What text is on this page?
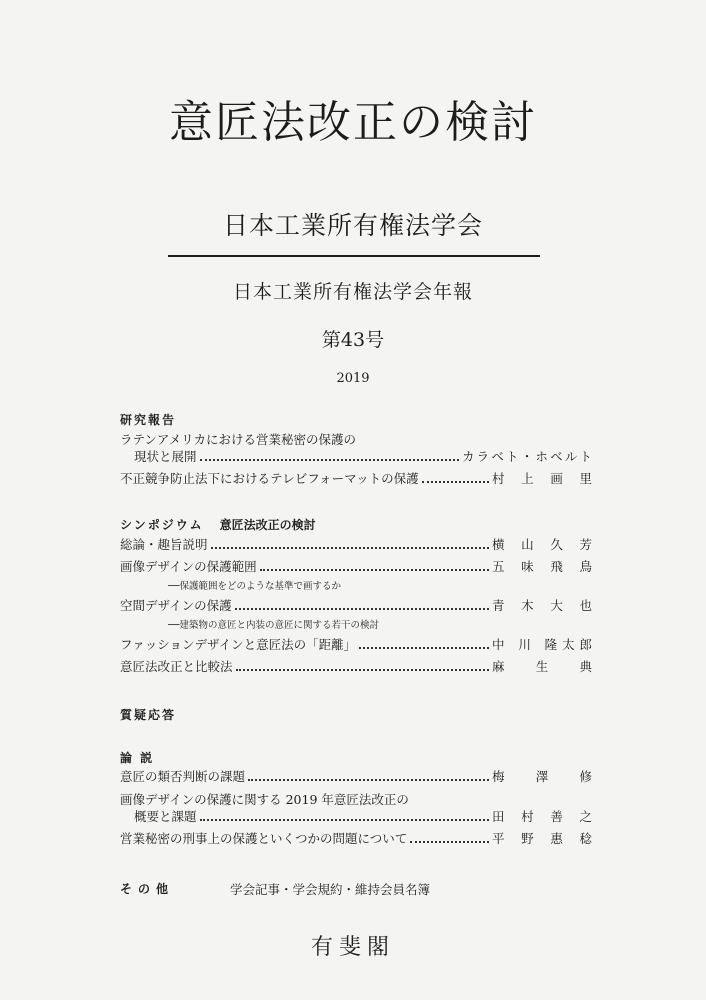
意匠法改正の検討
日本工業所有権法学会
日本工業所有権法学会年報
第43号
2019
研究報告
ラテンアメリカにおける営業秘密の保護の
現状と展開	カラベト・ホベルト
不正競争防止法下におけるテレビフォーマットの保護	村 上 画 里
シンポジウム 意匠法改正の検討
総論・趣旨説明	横 山 久 芳
画像デザインの保護範囲	五 味 飛 鳥
──保護範囲をどのような基準で画するか
空間デザインの保護	青 木 大 也
──建築物の意匠と内装の意匠に関する若干の検討
ファッションデザインと意匠法の「距離」	中 川 隆太郎
意匠法改正と比較法	麻 生 典
質疑応答
論 説
意匠の類否判断の課題	梅 澤 修
画像デザインの保護に関する 2019 年意匠法改正の
概要と課題	田 村 善 之
営業秘密の刑事上の保護といくつかの問題について	平 野 惠 稔
その他	学会記事・学会規約・維持会員名簿
有斐閣
